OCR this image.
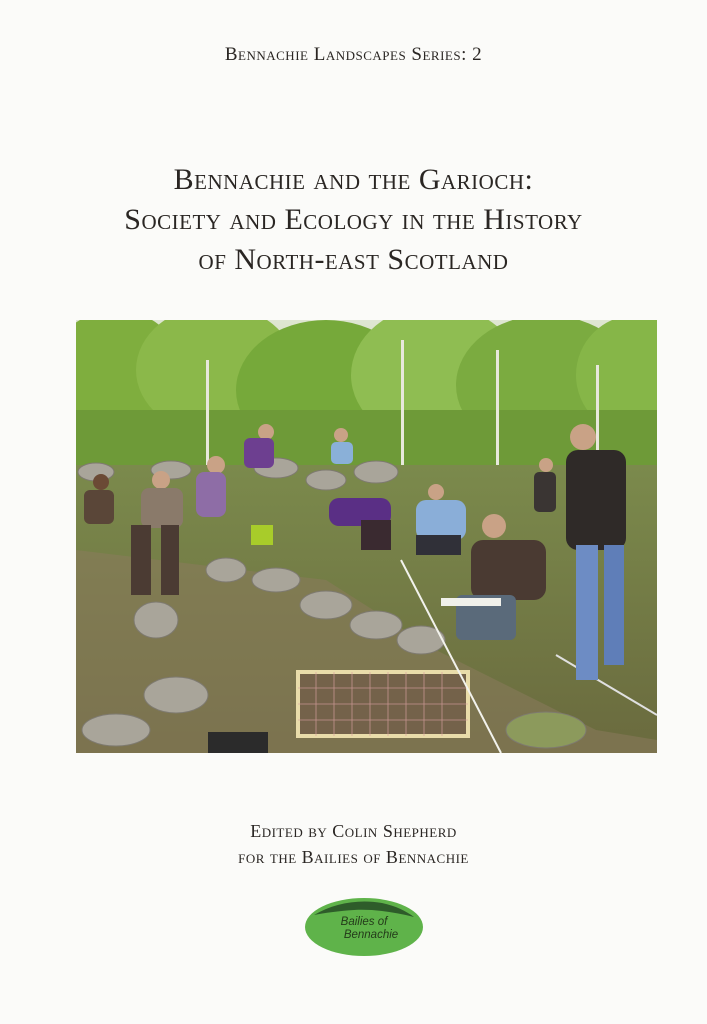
Bennachie Landscapes Series: 2
Bennachie and the Garioch:
Society and Ecology in the History
of North-east Scotland
Edited by Colin Shepherd
for the Bailies of Bennachie
Bailies of
Bennachie
